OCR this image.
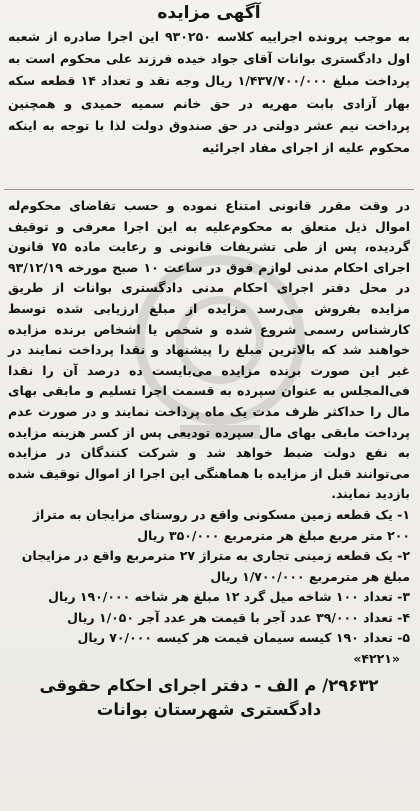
آگهی مزایده

به موجب پرونده اجراییه کلاسه ۹۳۰۲۵۰ این اجرا صادره از شعبه اول دادگستری بوانات آقای جواد خیده فرزند علی محکوم است به پرداخت مبلغ ۱/۴۳۷/۷۰۰/۰۰۰ ریال وجه نقد و تعداد ۱۴ قطعه سکه بهار آزادی بابت مهریه در حق خانم سمیه حمیدی و همچنین پرداخت نیم عشر دولتی در حق صندوق دولت لذا با توجه به اینکه محکوم علیه از اجرای مفاد اجرائیه

در وقت مقرر قانونی امتناع نموده و حسب تقاضای محکوم‌له اموال ذیل متعلق به محکوم‌علیه به این اجرا معرفی و توقیف گردیده، پس از طی تشریفات قانونی و رعایت ماده ۷۵ قانون اجرای احکام مدنی لوازم فوق در ساعت ۱۰ صبح مورخه ۹۳/۱۲/۱۹ در محل دفتر اجرای احکام مدنی دادگستری بوانات از طریق مزایده بفروش می‌رسد مزایده از مبلغ ارزیابی شده توسط کارشناس رسمی شروع شده و شخص یا اشخاص برنده مزایده خواهند شد که بالاترین مبلغ را پیشنهاد و نقدا پرداخت نمایند در غیر این صورت برنده مزایده می‌بایست ده درصد آن را نقدا فی‌المجلس به عنوان سپرده به قسمت اجرا تسلیم و مابقی بهای مال را حداکثر ظرف مدت یک ماه پرداخت نمایند و در صورت عدم پرداخت مابقی بهای مال سپرده تودیعی پس از کسر هزینه مزایده به نفع دولت ضبط خواهد شد و شرکت کنندگان در مزایده می‌توانند قبل از مزایده با هماهنگی این اجرا از اموال توقیف شده بازدید نمایند.

۱- یک قطعه زمین مسکونی واقع در روستای مزایجان به متراژ ۲۰۰ متر مربع مبلغ هر مترمربع ۳۵۰/۰۰۰ ریال
۲- یک قطعه زمینی تجاری به متراژ ۲۷ مترمربع واقع در مزایجان مبلغ هر مترمربع ۱/۷۰۰/۰۰۰ ریال
۳- تعداد ۱۰۰ شاخه میل گرد ۱۲ مبلغ هر شاخه ۱۹۰/۰۰۰ ریال
۴- تعداد ۳۹/۰۰۰ عدد آجر با قیمت هر عدد آجر ۱/۰۵۰ ریال
۵- تعداد ۱۹۰ کیسه سیمان قیمت هر کیسه ۷۰/۰۰۰ ریال
«۴۲۲۱»
۲۹۶۳۲/ م الف - دفتر اجرای احکام حقوقی
دادگستری شهرستان بوانات
